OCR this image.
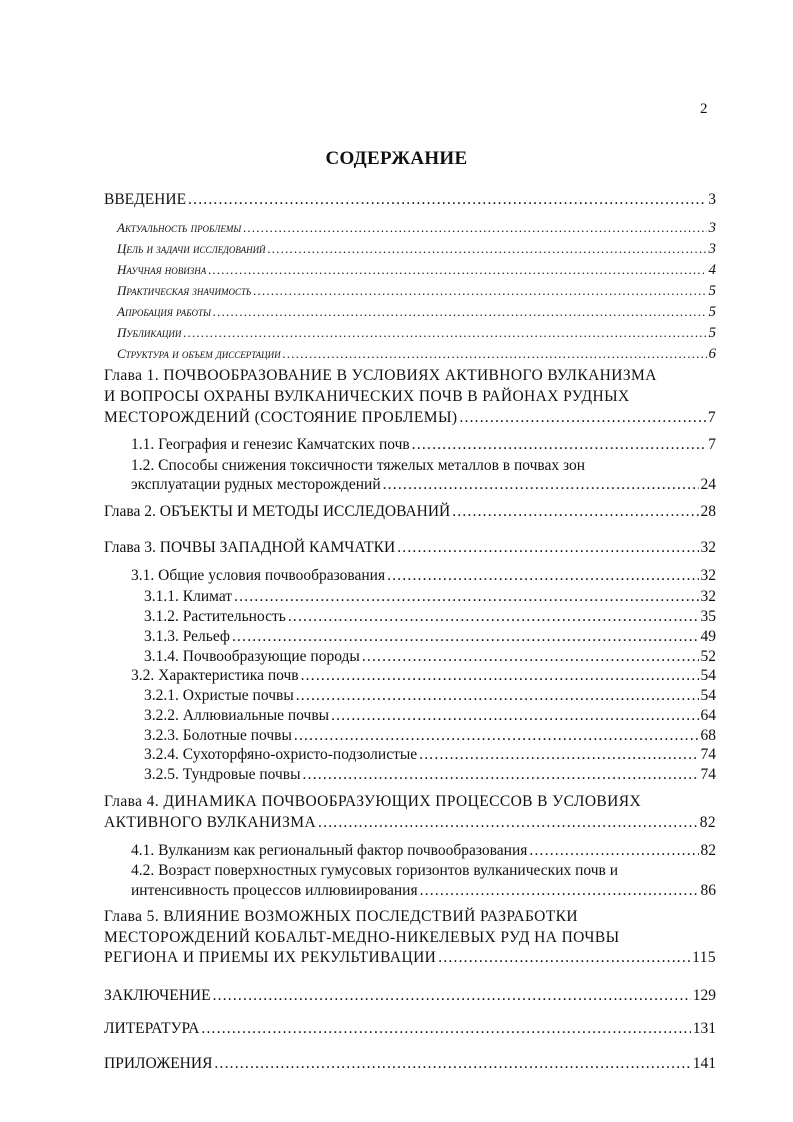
2
СОДЕРЖАНИЕ
ВВЕДЕНИЕ .....	3
Актуальность проблемы .....	3
Цель и задачи исследований .....	3
Научная новизна .....	4
Практическая значимость .....	5
Апробация работы .....	5
Публикации .....	5
Структура и объем диссертации .....	6
Глава 1. ПОЧВООБРАЗОВАНИЕ В УСЛОВИЯХ АКТИВНОГО ВУЛКАНИЗМА
И ВОПРОСЫ ОХРАНЫ ВУЛКАНИЧЕСКИХ ПОЧВ В РАЙОНАХ РУДНЫХ
МЕСТОРОЖДЕНИЙ (СОСТОЯНИЕ ПРОБЛЕМЫ) .....	7
1.1. География и генезис Камчатских почв .....	7
1.2. Способы снижения токсичности тяжелых металлов в почвах зон
эксплуатации рудных месторождений .....	24
Глава 2. ОБЪЕКТЫ И МЕТОДЫ ИССЛЕДОВАНИЙ .....	28
Глава 3. ПОЧВЫ ЗАПАДНОЙ КАМЧАТКИ .....	32
3.1. Общие условия почвообразования .....	32
3.1.1. Климат .....	32
3.1.2. Растительность .....	35
3.1.3. Рельеф .....	49
3.1.4. Почвообразующие породы .....	52
3.2. Характеристика почв .....	54
3.2.1. Охристые почвы .....	54
3.2.2. Аллювиальные почвы .....	64
3.2.3. Болотные почвы .....	68
3.2.4. Сухоторфяно-охристо-подзолистые .....	74
3.2.5. Тундровые почвы .....	74
Глава 4. ДИНАМИКА ПОЧВООБРАЗУЮЩИХ ПРОЦЕССОВ В УСЛОВИЯХ
АКТИВНОГО ВУЛКАНИЗМА .....	82
4.1. Вулканизм как региональный фактор почвообразования .....	82
4.2. Возраст поверхностных гумусовых горизонтов вулканических почв и
интенсивность процессов иллювиирования .....	86
Глава 5. ВЛИЯНИЕ ВОЗМОЖНЫХ ПОСЛЕДСТВИЙ РАЗРАБОТКИ
МЕСТОРОЖДЕНИЙ КОБАЛЬТ-МЕДНО-НИКЕЛЕВЫХ РУД НА ПОЧВЫ
РЕГИОНА И ПРИЕМЫ ИХ РЕКУЛЬТИВАЦИИ .....	115
ЗАКЛЮЧЕНИЕ .....	129
ЛИТЕРАТУРА .....	131
ПРИЛОЖЕНИЯ .....	141
